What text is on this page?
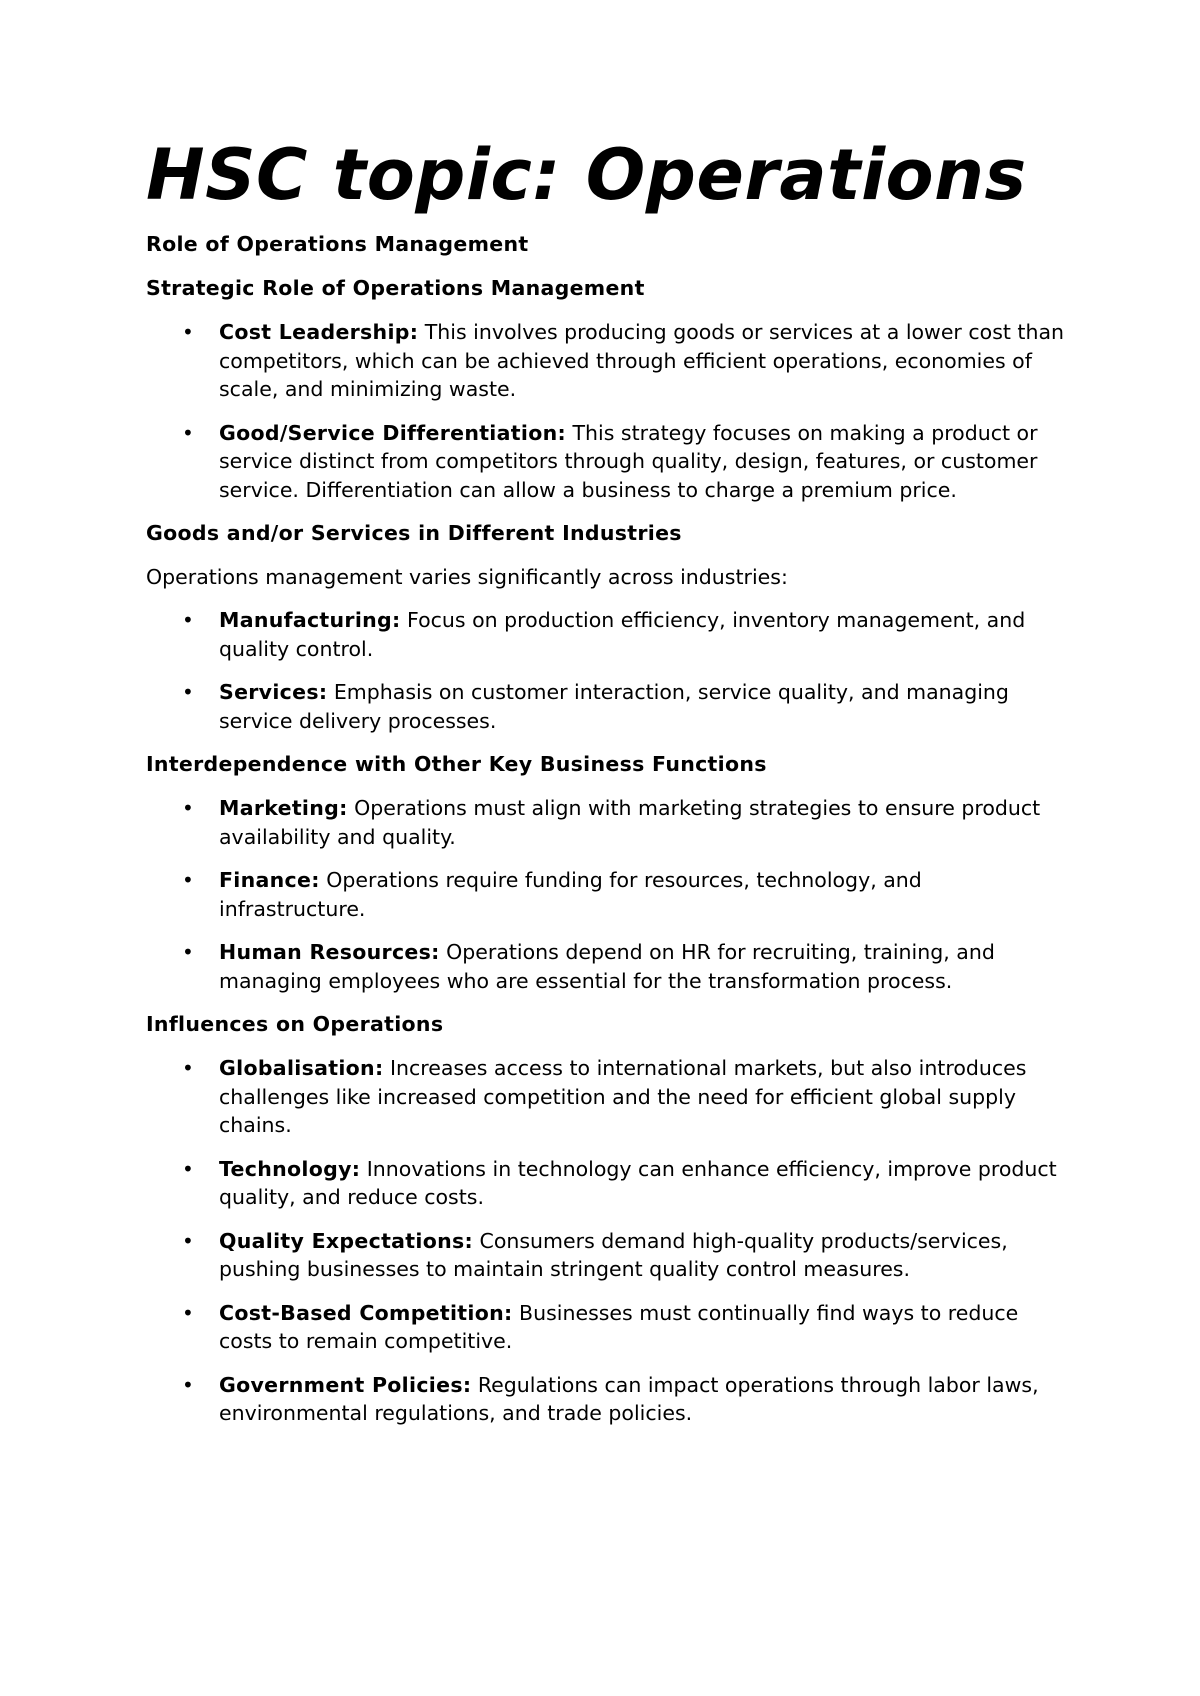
HSC topic: Operations
Role of Operations Management
Strategic Role of Operations Management
• Cost Leadership: This involves producing goods or services at a lower cost than competitors, which can be achieved through efficient operations, economies of scale, and minimizing waste.
• Good/Service Differentiation: This strategy focuses on making a product or service distinct from competitors through quality, design, features, or customer service. Differentiation can allow a business to charge a premium price.
Goods and/or Services in Different Industries
Operations management varies significantly across industries:
• Manufacturing: Focus on production efficiency, inventory management, and quality control.
• Services: Emphasis on customer interaction, service quality, and managing service delivery processes.
Interdependence with Other Key Business Functions
• Marketing: Operations must align with marketing strategies to ensure product availability and quality.
• Finance: Operations require funding for resources, technology, and infrastructure.
• Human Resources: Operations depend on HR for recruiting, training, and managing employees who are essential for the transformation process.
Influences on Operations
• Globalisation: Increases access to international markets, but also introduces challenges like increased competition and the need for efficient global supply chains.
• Technology: Innovations in technology can enhance efficiency, improve product quality, and reduce costs.
• Quality Expectations: Consumers demand high-quality products/services, pushing businesses to maintain stringent quality control measures.
• Cost-Based Competition: Businesses must continually find ways to reduce costs to remain competitive.
• Government Policies: Regulations can impact operations through labor laws, environmental regulations, and trade policies.
